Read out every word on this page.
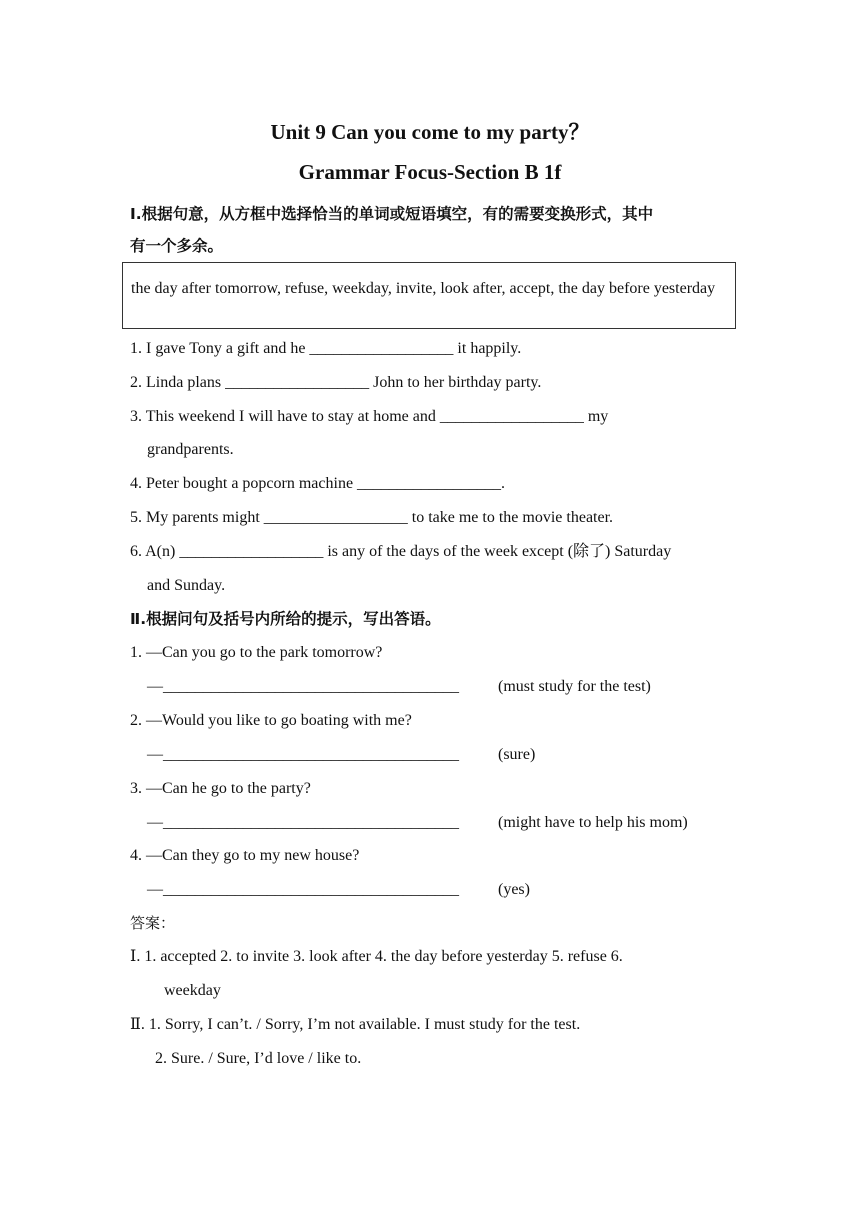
Unit 9 Can you come to my party？
Grammar Focus-Section B 1f
Ⅰ.根据句意，从方框中选择恰当的单词或短语填空，有的需要变换形式，其中
有一个多余。
the day after tomorrow, refuse, weekday, invite, look after, accept, the day before yesterday
1. I gave Tony a gift and he __________________ it happily.
2. Linda plans __________________ John to her birthday party.
3. This weekend I will have to stay at home and __________________ my
grandparents.
4. Peter bought a popcorn machine __________________.
5. My parents might __________________ to take me to the movie theater.
6. A(n) __________________ is any of the days of the week except (除了) Saturday
and Sunday.
Ⅱ.根据问句及括号内所给的提示，写出答语。
1. —Can you go to the park tomorrow?
—_____________________________________ (must study for the test)
2. —Would you like to go boating with me?
—_____________________________________ (sure)
3. —Can he go to the party?
—_____________________________________ (might have to help his mom)
4. —Can they go to my new house?
—_____________________________________ (yes)
答案：
Ⅰ. 1. accepted 2. to invite 3. look after 4. the day before yesterday 5. refuse 6.
weekday
Ⅱ. 1. Sorry, I can’t. / Sorry, I’m not available. I must study for the test.
2. Sure. / Sure, I’d love / like to.
